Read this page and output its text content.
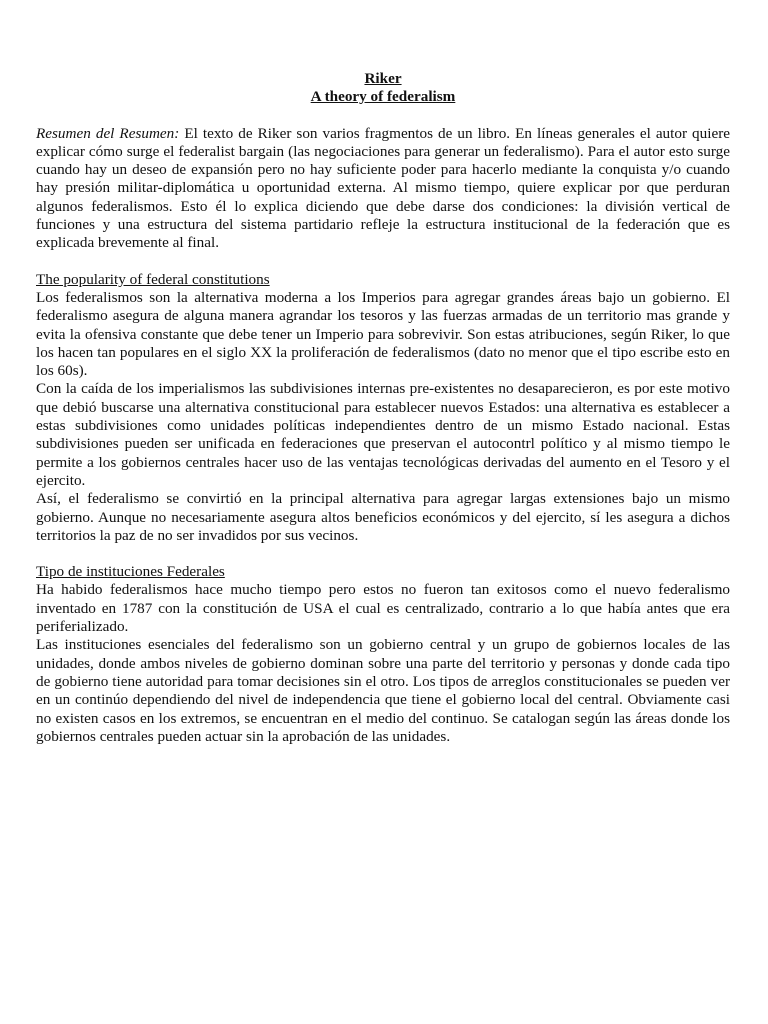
Riker
A theory of federalism

Resumen del Resumen: El texto de Riker son varios fragmentos de un libro. En líneas generales el autor quiere explicar cómo surge el federalist bargain (las negociaciones para generar un federalismo). Para el autor esto surge cuando hay un deseo de expansión pero no hay suficiente poder para hacerlo mediante la conquista y/o cuando hay presión militar-diplomática u oportunidad externa. Al mismo tiempo, quiere explicar por que perduran algunos federalismos. Esto él lo explica diciendo que debe darse dos condiciones: la división vertical de funciones y una estructura del sistema partidario refleje la estructura institucional de la federación que es explicada brevemente al final.

The popularity of federal constitutions

Los federalismos son la alternativa moderna a los Imperios para agregar grandes áreas bajo un gobierno. El federalismo asegura de alguna manera agrandar los tesoros y las fuerzas armadas de un territorio mas grande y evita la ofensiva constante que debe tener un Imperio para sobrevivir. Son estas atribuciones, según Riker, lo que los hacen tan populares en el siglo XX la proliferación de federalismos (dato no menor que el tipo escribe esto en los 60s).

Con la caída de los imperialismos las subdivisiones internas pre-existentes no desaparecieron, es por este motivo que debió buscarse una alternativa constitucional para establecer nuevos Estados: una alternativa es establecer a estas subdivisiones como unidades políticas independientes dentro de un mismo Estado nacional. Estas subdivisiones pueden ser unificada en federaciones que preservan el autocontrl político y al mismo tiempo le permite a los gobiernos centrales hacer uso de las ventajas tecnológicas derivadas del aumento en el Tesoro y el ejercito.

Así, el federalismo se convirtió en la principal alternativa para agregar largas extensiones bajo un mismo gobierno. Aunque no necesariamente asegura altos beneficios económicos y del ejercito, sí les asegura a dichos territorios la paz de no ser invadidos por sus vecinos.

Tipo de instituciones Federales

Ha habido federalismos hace mucho tiempo pero estos no fueron tan exitosos como el nuevo federalismo inventado en 1787 con la constitución de USA el cual es centralizado, contrario a lo que había antes que era periferializado.

Las instituciones esenciales del federalismo son un gobierno central y un grupo de gobiernos locales de las unidades, donde ambos niveles de gobierno dominan sobre una parte del territorio y personas y donde cada tipo de gobierno tiene autoridad para tomar decisiones sin el otro. Los tipos de arreglos constitucionales se pueden ver en un continúo dependiendo del nivel de independencia que tiene el gobierno local del central. Obviamente casi no existen casos en los extremos, se encuentran en el medio del continuo. Se catalogan según las áreas donde los gobiernos centrales pueden actuar sin la aprobación de las unidades.
